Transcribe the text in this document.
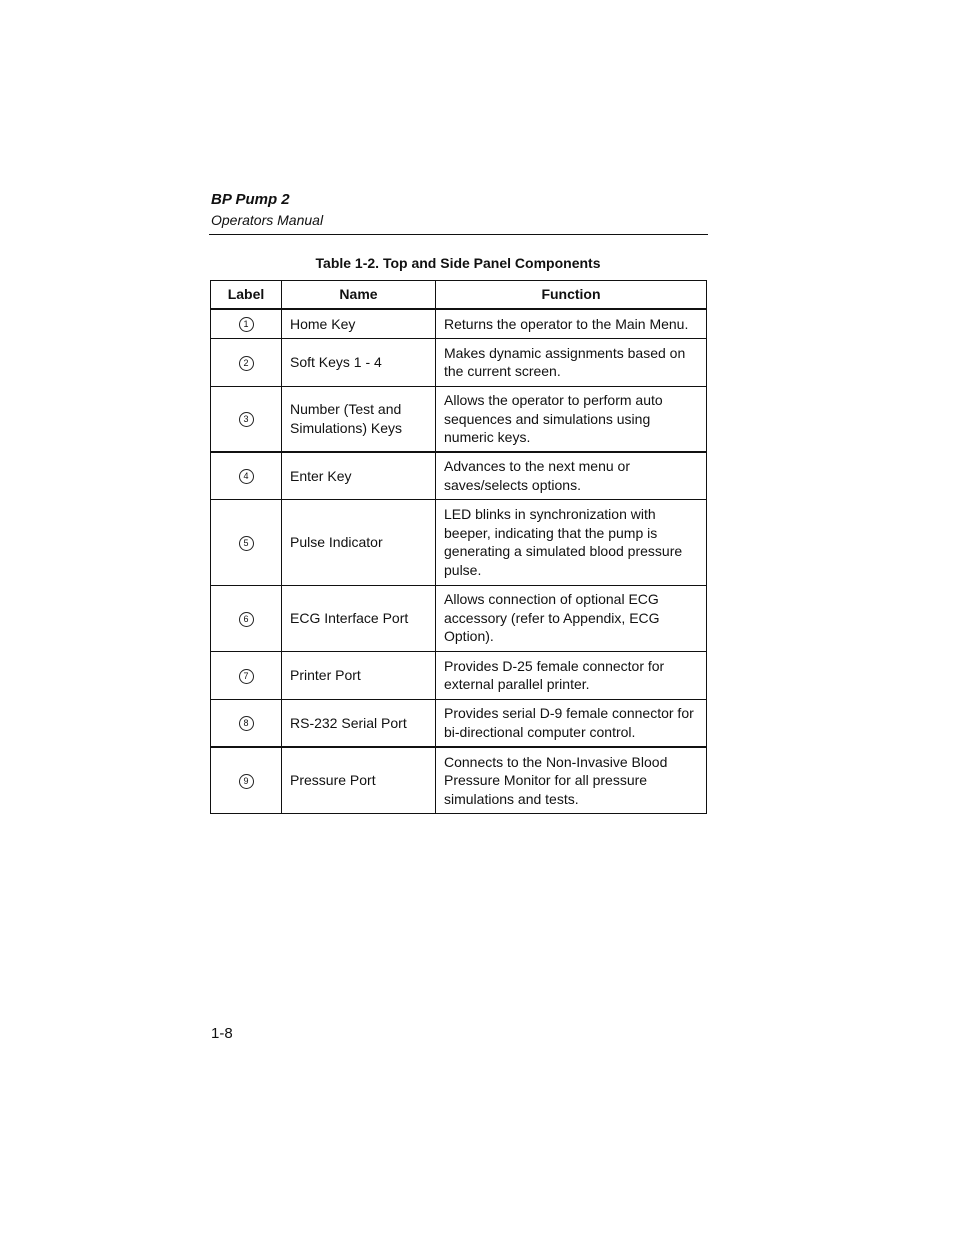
BP Pump 2
Operators Manual
Table 1-2. Top and Side Panel Components
Label	Name	Function
1	Home Key	Returns the operator to the Main Menu.
2	Soft Keys 1 - 4	Makes dynamic assignments based on the current screen.
3	Number (Test and Simulations) Keys	Allows the operator to perform auto sequences and simulations using numeric keys.
4	Enter Key	Advances to the next menu or saves/selects options.
5	Pulse Indicator	LED blinks in synchronization with beeper, indicating that the pump is generating a simulated blood pressure pulse.
6	ECG Interface Port	Allows connection of optional ECG accessory (refer to Appendix, ECG Option).
7	Printer Port	Provides D-25 female connector for external parallel printer.
8	RS-232 Serial Port	Provides serial D-9 female connector for bi-directional computer control.
9	Pressure Port	Connects to the Non-Invasive Blood Pressure Monitor for all pressure simulations and tests.
1-8
